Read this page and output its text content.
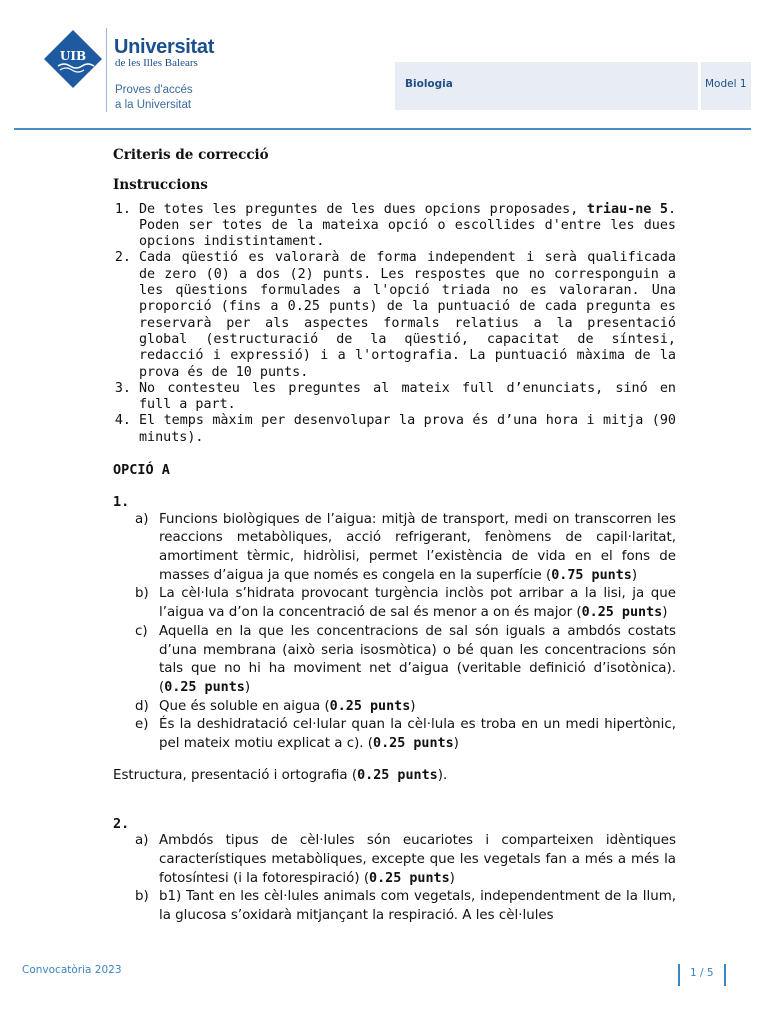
UIB Universitat
de les Illes Balears
Proves d'accés
a la Universitat
Biologia	Model 1
Criteris de correcció
Instruccions
1. De totes les preguntes de les dues opcions proposades, triau-ne 5. Poden ser totes de la mateixa opció o escollides d'entre les dues opcions indistintament.
2. Cada qüestió es valorarà de forma independent i serà qualificada de zero (0) a dos (2) punts. Les respostes que no corresponguin a les qüestions formulades a l'opció triada no es valoraran. Una proporció (fins a 0.25 punts) de la puntuació de cada pregunta es reservarà per als aspectes formals relatius a la presentació global (estructuració de la qüestió, capacitat de síntesi, redacció i expressió) i a l'ortografia. La puntuació màxima de la prova és de 10 punts.
3. No contesteu les preguntes al mateix full d’enunciats, sinó en full a part.
4. El temps màxim per desenvolupar la prova és d’una hora i mitja (90 minuts).
OPCIÓ A
1.
a) Funcions biològiques de l’aigua: mitjà de transport, medi on transcorren les reaccions metabòliques, acció refrigerant, fenòmens de capil·laritat, amortiment tèrmic, hidròlisi, permet l’existència de vida en el fons de masses d’aigua ja que només es congela en la superfície (0.75 punts)
b) La cèl·lula s’hidrata provocant turgència inclòs pot arribar a la lisi, ja que l’aigua va d’on la concentració de sal és menor a on és major (0.25 punts)
c) Aquella en la que les concentracions de sal són iguals a ambdós costats d’una membrana (això seria isosmòtica) o bé quan les concentracions són tals que no hi ha moviment net d’aigua (veritable definició d’isotònica). (0.25 punts)
d) Que és soluble en aigua (0.25 punts)
e) És la deshidratació cel·lular quan la cèl·lula es troba en un medi hipertònic, pel mateix motiu explicat a c). (0.25 punts)
Estructura, presentació i ortografia (0.25 punts).
2.
a) Ambdós tipus de cèl·lules són eucariotes i comparteixen idèntiques característiques metabòliques, excepte que les vegetals fan a més a més la fotosíntesi (i la fotorespiració) (0.25 punts)
b) b1) Tant en les cèl·lules animals com vegetals, independentment de la llum, la glucosa s’oxidarà mitjançant la respiració. A les cèl·lules
Convocatòria 2023	1 / 5
